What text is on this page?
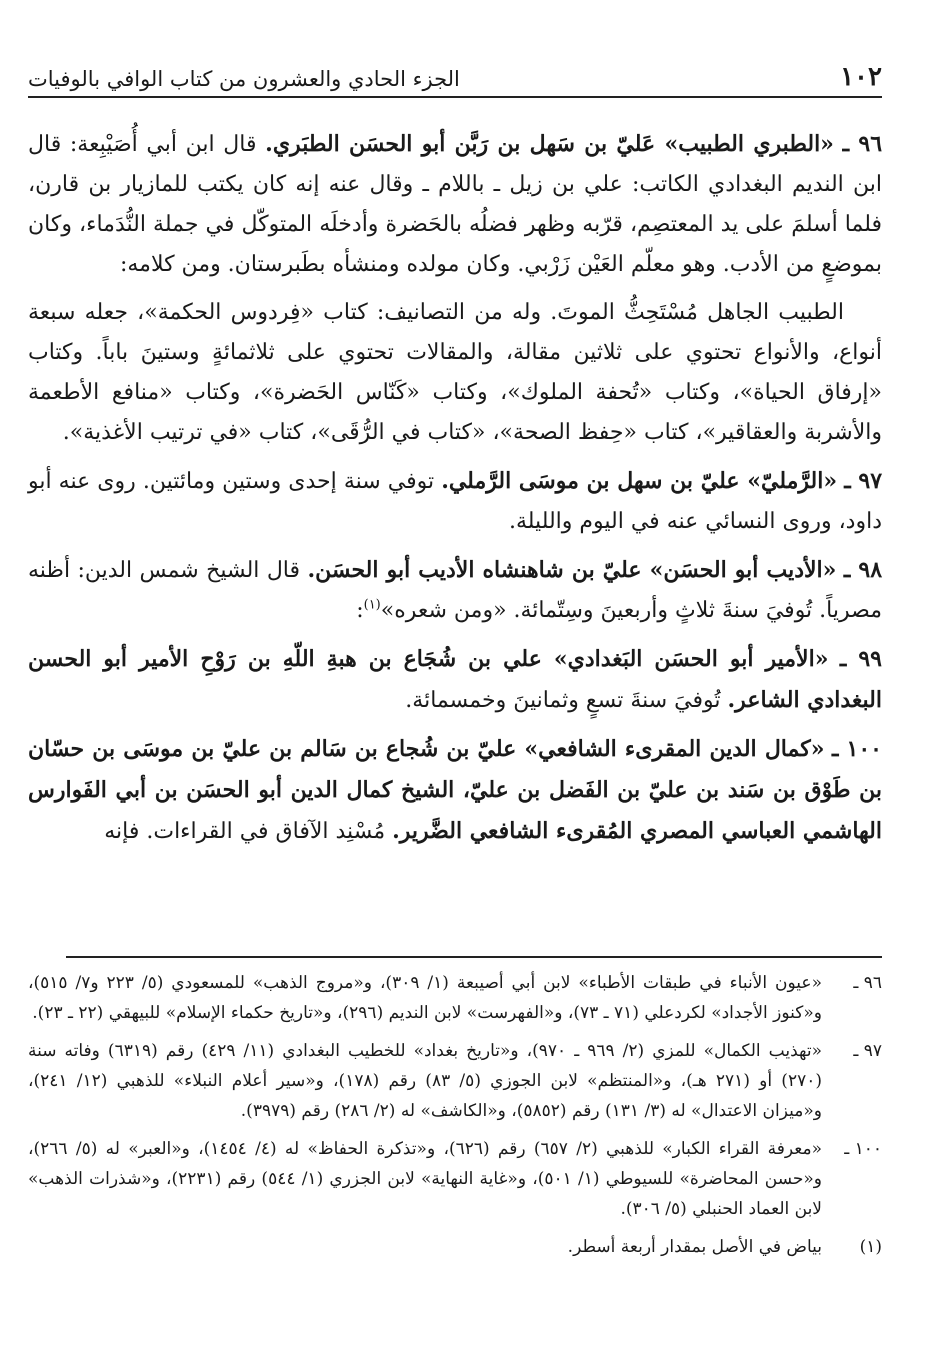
١٠٢
الجزء الحادي والعشرون من كتاب الوافي بالوفيات

٩٦ ـ «الطبري الطبيب» عَليّ بن سَهل بن رَبَّن أبو الحسَن الطبَري. قال ابن أبي أُصَيْبِعة: قال ابن النديم البغدادي الكاتب: علي بن زيل ـ باللام ـ وقال عنه إنه كان يكتب للمازيار بن قارن، فلما أسلمَ على يد المعتصِم، قرّبه وظهر فضلُه بالحَضرة وأدخلَه المتوكّل في جملة النُّدَماء، وكان بموضعٍ من الأدب. وهو معلّم العَيْن زَرْبي. وكان مولده ومنشأه بطَبرستان. ومن كلامه:

الطبيب الجاهل مُسْتَحِثُّ الموتَ. وله من التصانيف: كتاب «فِردوس الحكمة»، جعله سبعة أنواع، والأنواع تحتوي على ثلاثين مقالة، والمقالات تحتوي على ثلاثمائةٍ وستينَ باباً. وكتاب «إرفاق الحياة»، وكتاب «تُحفة الملوك»، وكتاب «كَنّاس الحَضرة»، وكتاب «منافع الأطعمة والأشربة والعقاقير»، كتاب «حِفظ الصحة»، «كتاب في الرُّقَى»، كتاب «في ترتيب الأغذية».

٩٧ ـ «الرَّمليّ» عليّ بن سهل بن موسَى الرَّملي. توفي سنة إحدى وستين ومائتين. روى عنه أبو داود، وروى النسائي عنه في اليوم والليلة.

٩٨ ـ «الأديب أبو الحسَن» عليّ بن شاهنشاه الأديب أبو الحسَن. قال الشيخ شمس الدين: أظنه مصرياً. تُوفيَ سنةَ ثلاثٍ وأربعينَ وسِتّمائة. «ومن شعره»$^{(١)}$:

٩٩ ـ «الأمير أبو الحسَن البَغدادي» علي بن شُجَاع بن هبةِ اللّهِ بن رَوْحِ الأمير أبو الحسن البغدادي الشاعر. تُوفيَ سنةَ تسعٍ وثمانينَ وخمسمائة.

١٠٠ ـ «كمال الدين المقرىء الشافعي» عليّ بن شُجاع بن سَالم بن عليّ بن موسَى بن حسّان بن طَوْق بن سَند بن عليّ بن الفَضل بن عليّ، الشيخ كمال الدين أبو الحسَن بن أبي الفَوارس الهاشمي العباسي المصري المُقرىء الشافعي الضَّرير. مُسْنِد الآفاق في القراءات. فإنه

٩٦ ـ
«عيون الأنباء في طبقات الأطباء» لابن أبي أصيبعة (١/ ٣٠٩)، و«مروج الذهب» للمسعودي (٥/ ٢٢٣ و٧/ ٥١٥)، و«كنوز الأجداد» لكردعلي (٧١ ـ ٧٣)، و«الفهرست» لابن النديم (٢٩٦)، و«تاريخ حكماء الإسلام» للبيهقي (٢٢ ـ ٢٣).
٩٧ ـ
«تهذيب الكمال» للمزي (٢/ ٩٦٩ ـ ٩٧٠)، و«تاريخ بغداد» للخطيب البغدادي (١١/ ٤٢٩) رقم (٦٣١٩) وفاته سنة (٢٧٠) أو (٢٧١ هـ)، و«المنتظم» لابن الجوزي (٥/ ٨٣) رقم (١٧٨)، و«سير أعلام النبلاء» للذهبي (١٢/ ٢٤١)، و«ميزان الاعتدال» له (٣/ ١٣١) رقم (٥٨٥٢)، و«الكاشف» له (٢/ ٢٨٦) رقم (٣٩٧٩).
١٠٠ ـ
«معرفة القراء الكبار» للذهبي (٢/ ٦٥٧) رقم (٦٢٦)، و«تذكرة الحفاظ» له (٤/ ١٤٥٤)، و«العبر» له (٥/ ٢٦٦)، و«حسن المحاضرة» للسيوطي (١/ ٥٠١)، و«غاية النهاية» لابن الجزري (١/ ٥٤٤) رقم (٢٢٣١)، و«شذرات الذهب» لابن العماد الحنبلي (٥/ ٣٠٦).
(١)
بياض في الأصل بمقدار أربعة أسطر.
